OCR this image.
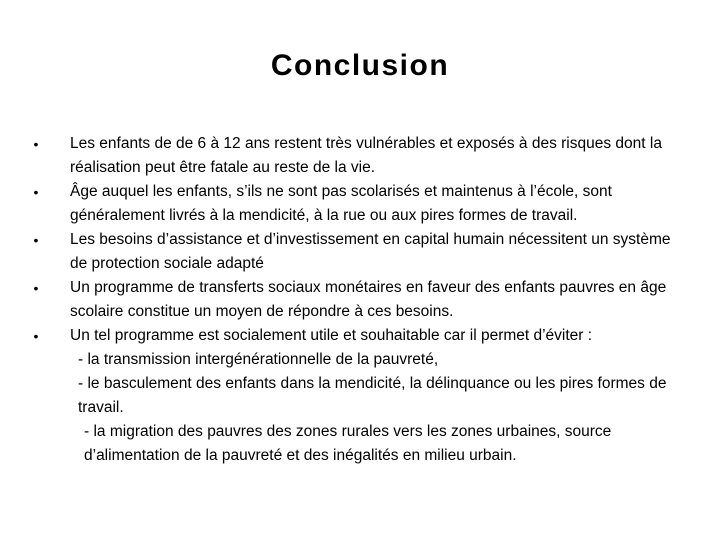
Conclusion
• Les enfants de de 6 à 12 ans restent très vulnérables et exposés à des risques dont la réalisation peut être fatale au reste de la vie.
• Âge auquel les enfants, s’ils ne sont pas scolarisés et maintenus à l’école, sont généralement livrés à la mendicité, à la rue ou aux pires formes de travail.
• Les besoins d’assistance et d’investissement en capital humain nécessitent un système de protection sociale adapté
• Un programme de transferts sociaux monétaires en faveur des enfants pauvres en âge scolaire constitue un moyen de répondre à ces besoins.
• Un tel programme est socialement utile et souhaitable car il permet d’éviter :
- la transmission intergénérationnelle de la pauvreté,
- le basculement des enfants dans la mendicité, la délinquance ou les pires formes de travail.
- la migration des pauvres des zones rurales vers les zones urbaines, source d’alimentation de la pauvreté et des inégalités en milieu urbain.
